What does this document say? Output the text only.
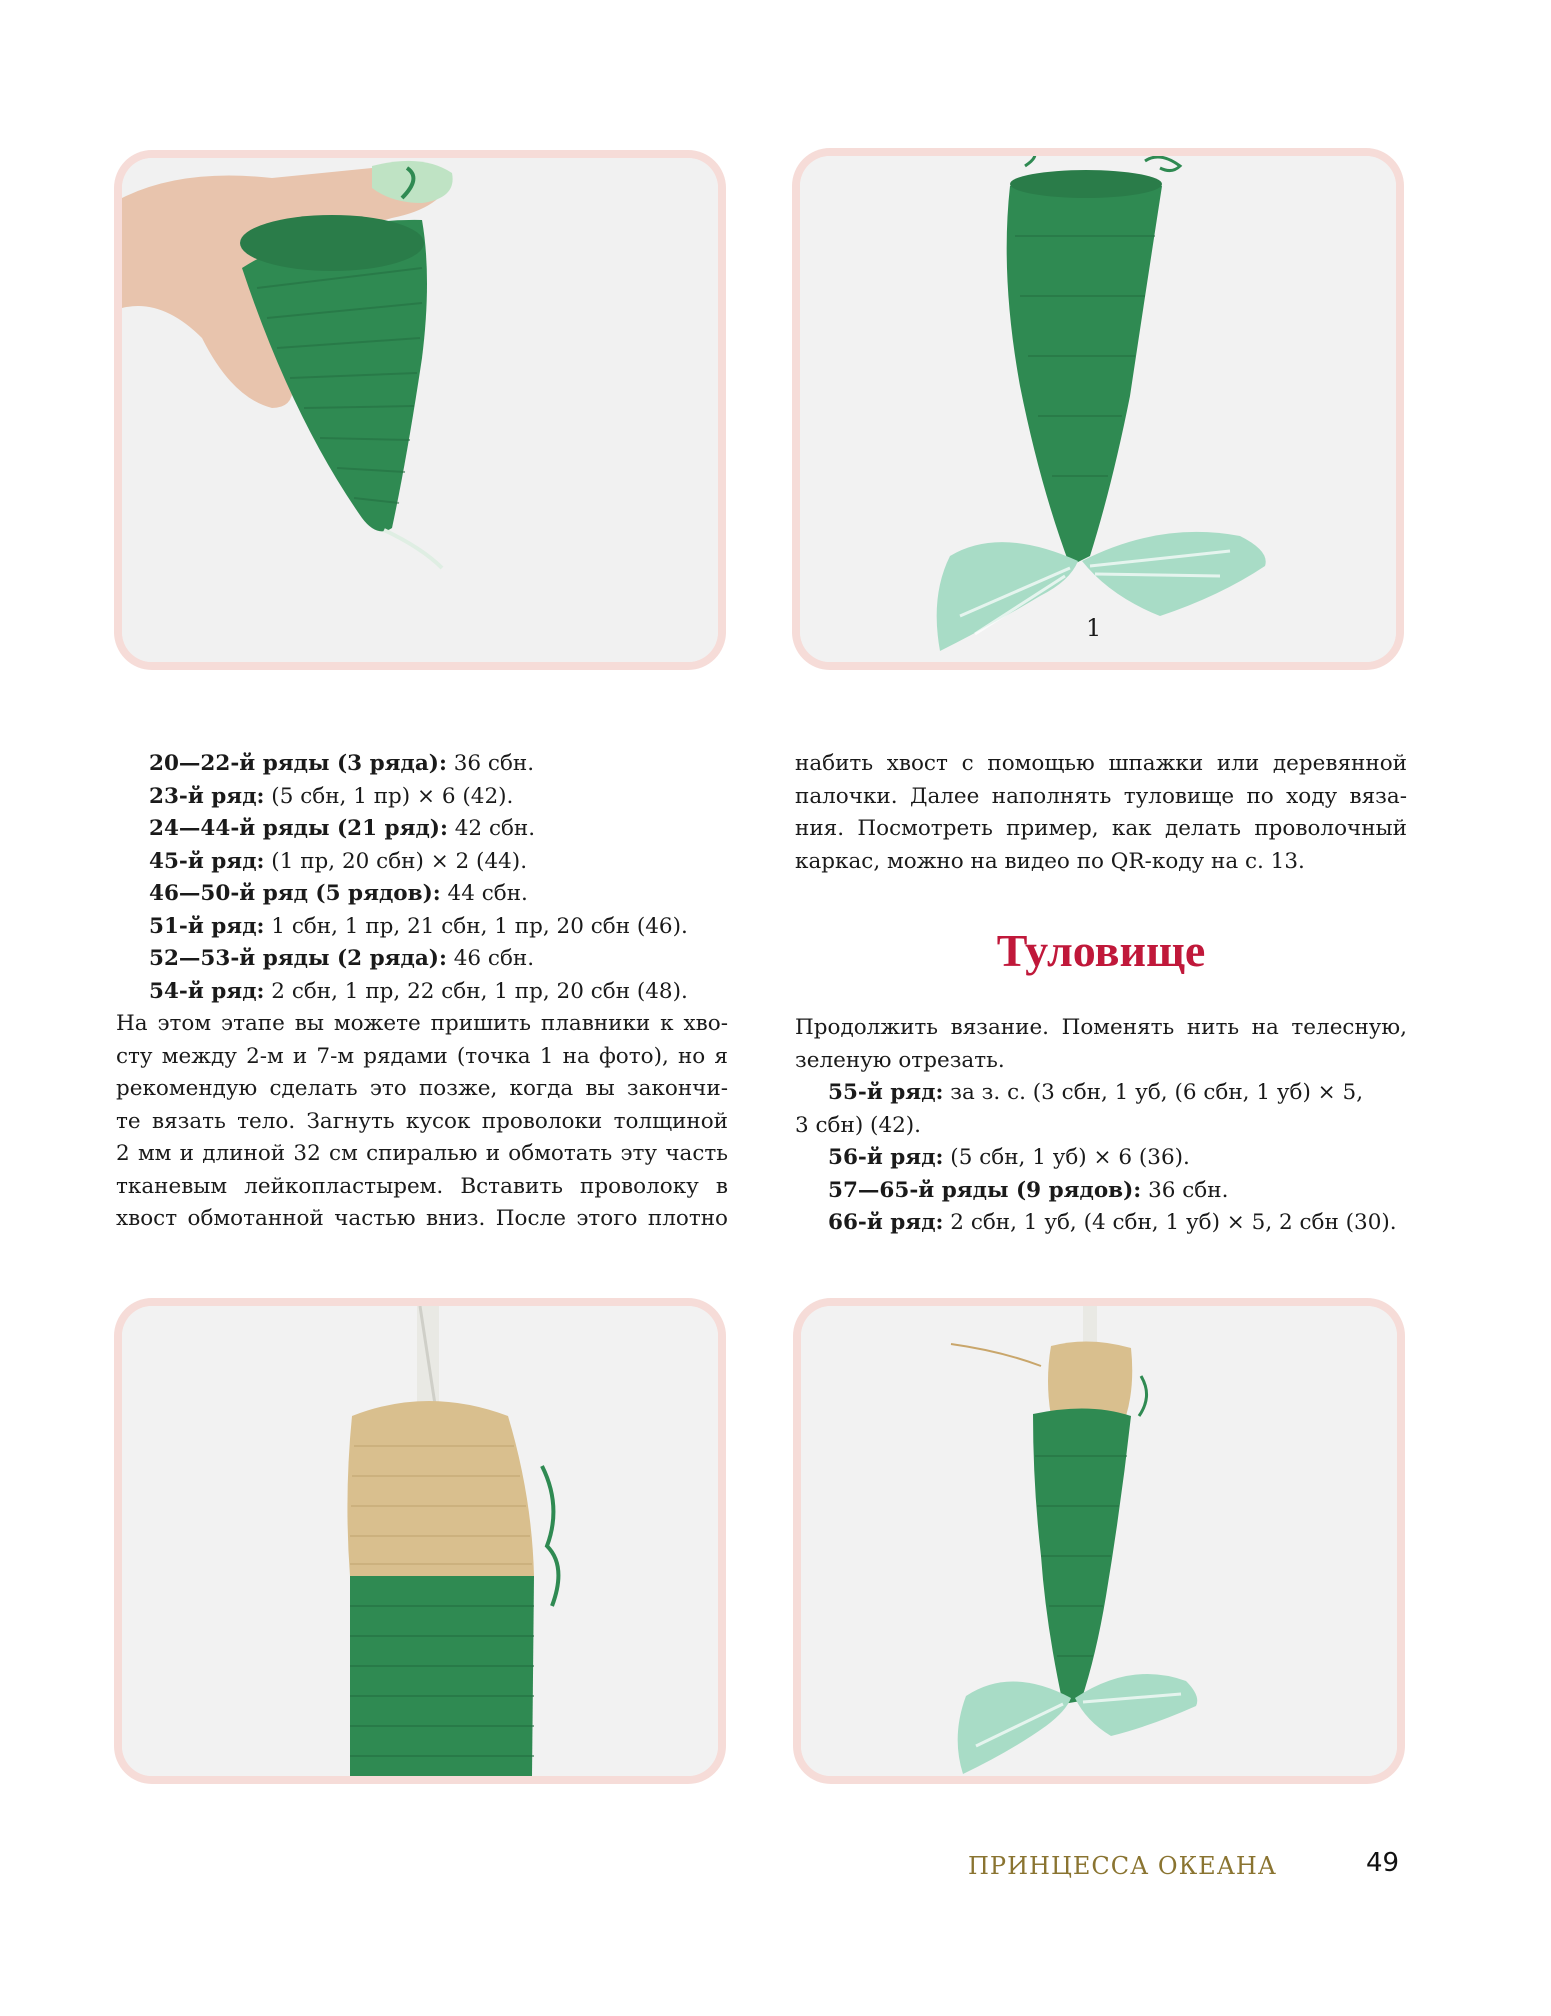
1
20—22-й ряды (3 ряда): 36 сбн.
23-й ряд: (5 сбн, 1 пр) × 6 (42).
24—44-й ряды (21 ряд): 42 сбн.
45-й ряд: (1 пр, 20 сбн) × 2 (44).
46—50-й ряд (5 рядов): 44 сбн.
51-й ряд: 1 сбн, 1 пр, 21 сбн, 1 пр, 20 сбн (46).
52—53-й ряды (2 ряда): 46 сбн.
54-й ряд: 2 сбн, 1 пр, 22 сбн, 1 пр, 20 сбн (48).
На этом этапе вы можете пришить плавники к хво-
сту между 2-м и 7-м рядами (точка 1 на фото), но я
рекомендую сделать это позже, когда вы закончи-
те вязать тело. Загнуть кусок проволоки толщиной
2 мм и длиной 32 см спиралью и обмотать эту часть
тканевым лейкопластырем. Вставить проволоку в
хвост обмотанной частью вниз. После этого плотно
набить хвост с помощью шпажки или деревянной
палочки. Далее наполнять туловище по ходу вяза-
ния. Посмотреть пример, как делать проволочный
каркас, можно на видео по QR-коду на с. 13.
Туловище
Продолжить вязание. Поменять нить на телесную,
зеленую отрезать.
55-й ряд: за з. с. (3 сбн, 1 уб, (6 сбн, 1 уб) × 5,
3 сбн) (42).
56-й ряд: (5 сбн, 1 уб) × 6 (36).
57—65-й ряды (9 рядов): 36 сбн.
66-й ряд: 2 сбн, 1 уб, (4 сбн, 1 уб) × 5, 2 сбн (30).
ПРИНЦЕССА ОКЕАНА	49
